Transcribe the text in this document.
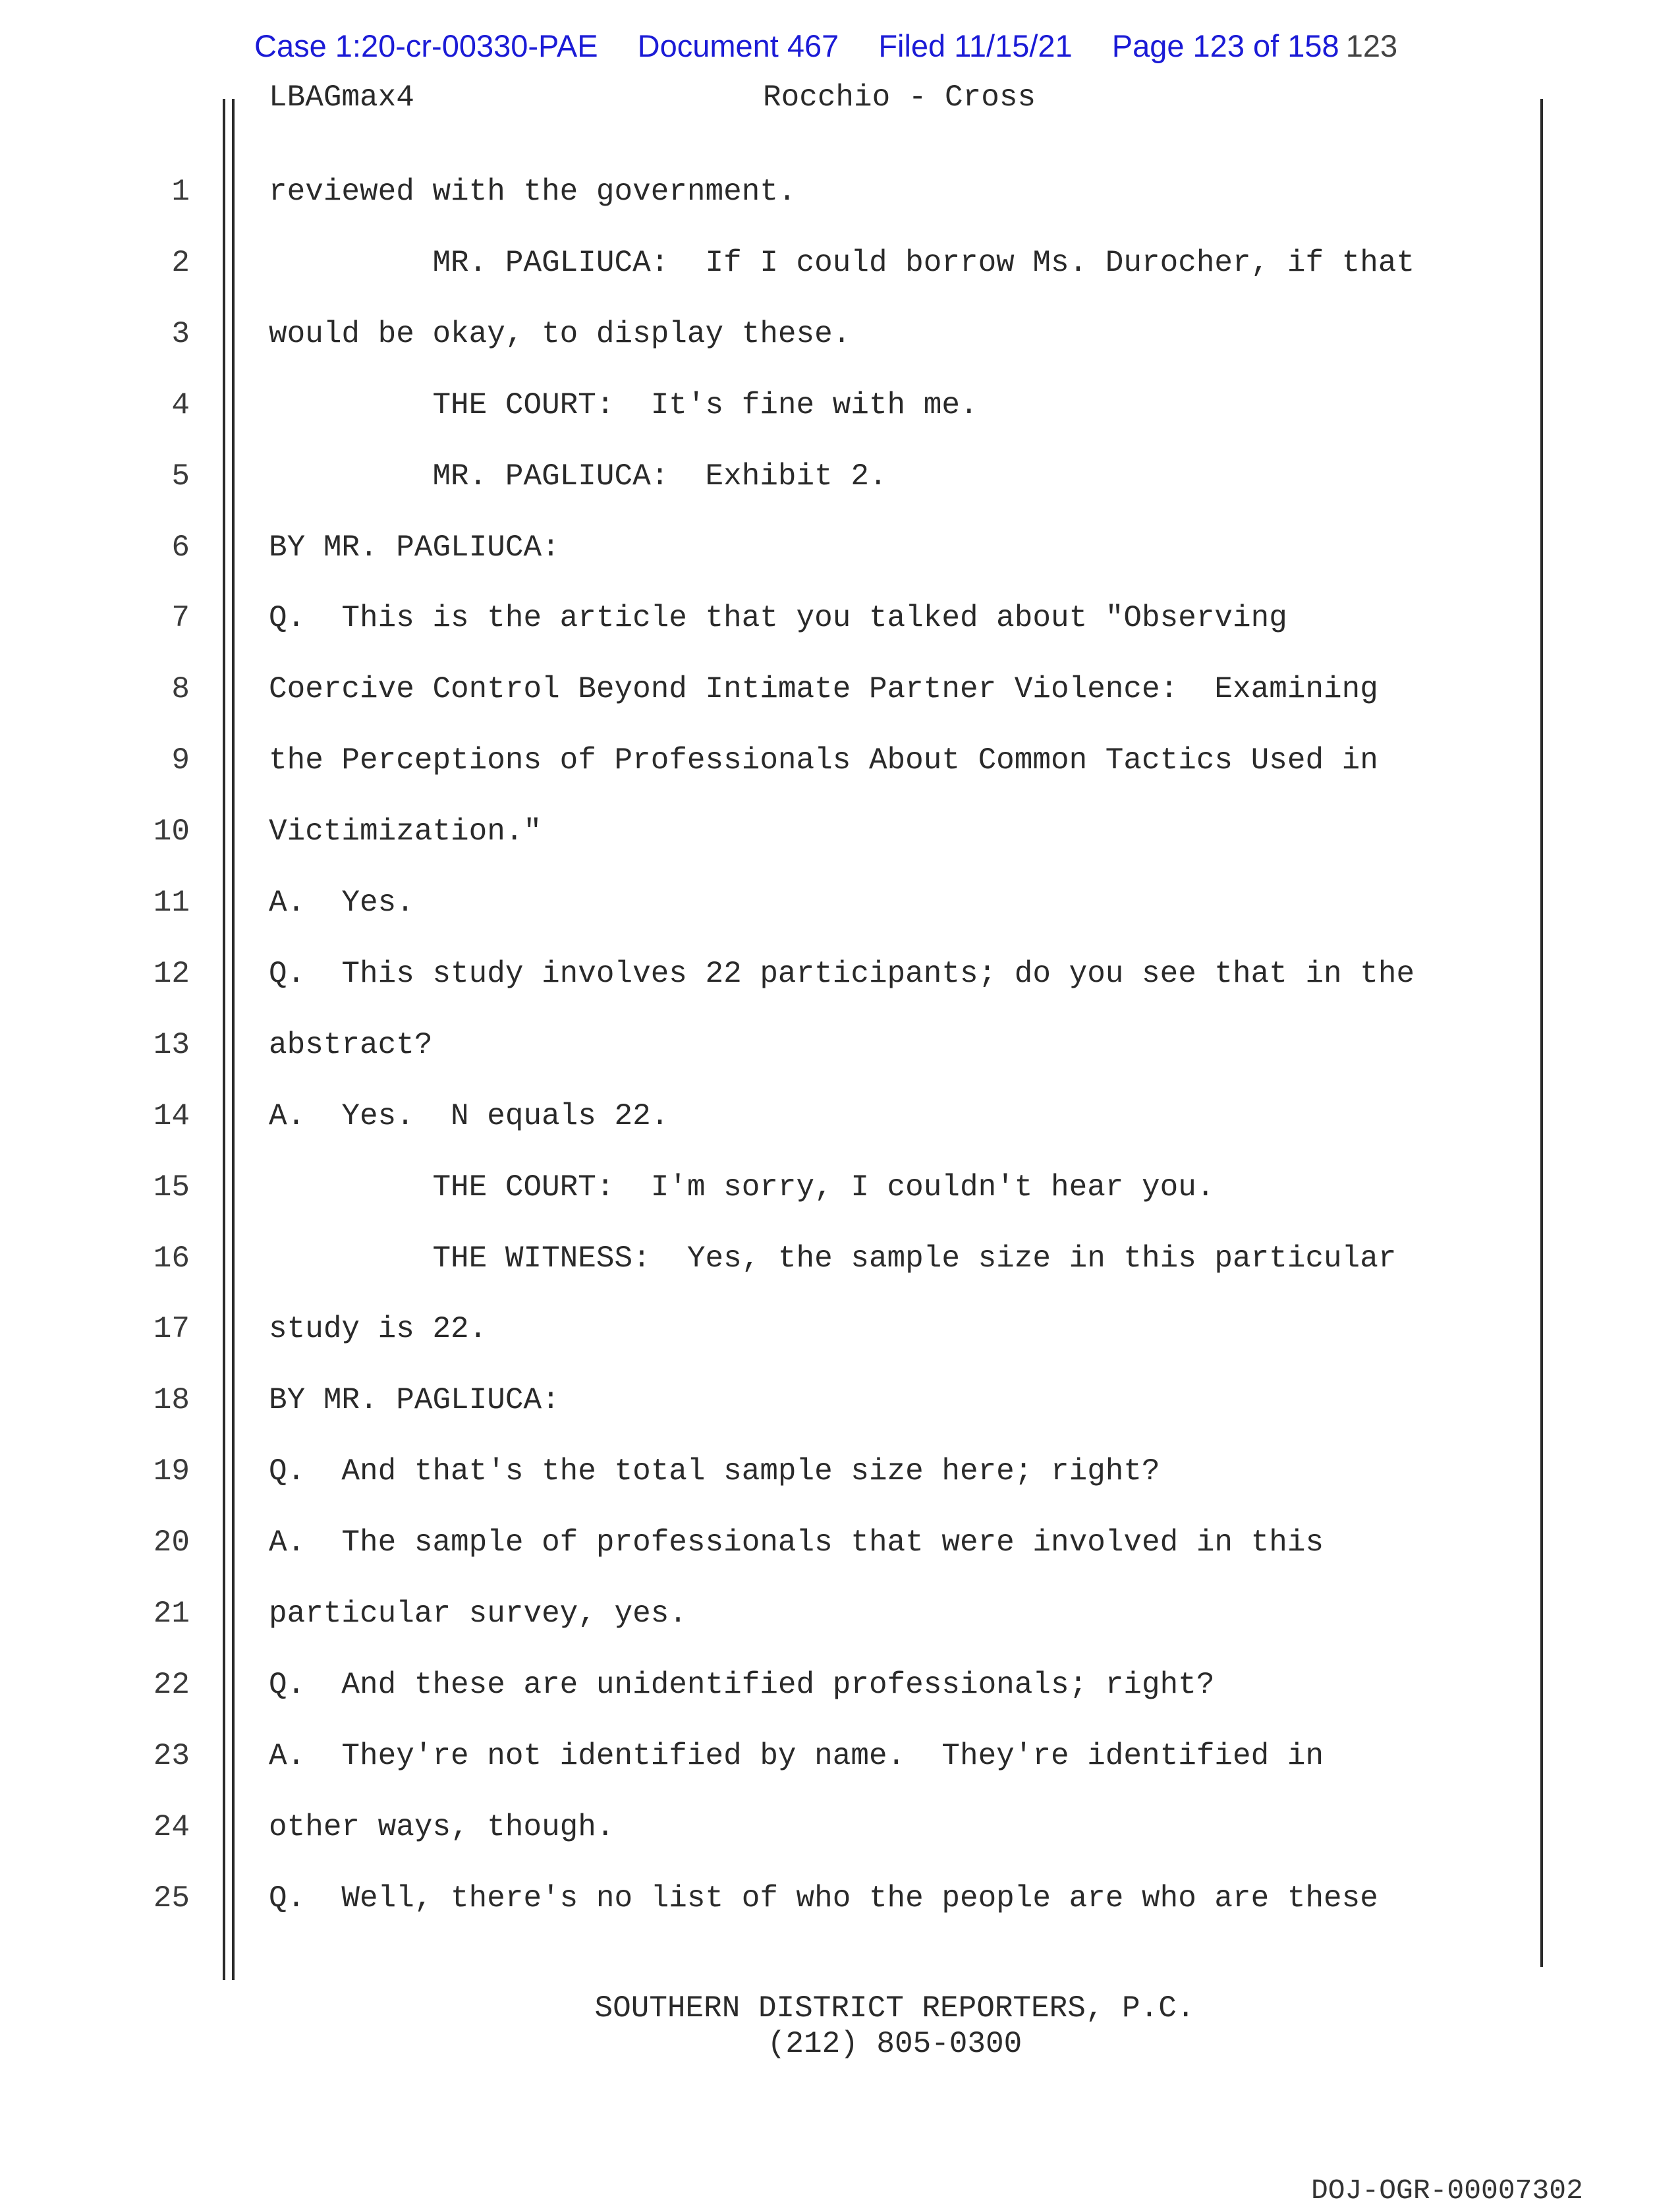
Case 1:20-cr-00330-PAE Document 467 Filed 11/15/21 Page 123 of 158 123
LBAGmax4	Rocchio - Cross
1	reviewed with the government.
2	MR. PAGLIUCA:  If I could borrow Ms. Durocher, if that
3	would be okay, to display these.
4	THE COURT:  It's fine with me.
5	MR. PAGLIUCA:  Exhibit 2.
6	BY MR. PAGLIUCA:
7	Q.  This is the article that you talked about "Observing
8	Coercive Control Beyond Intimate Partner Violence:  Examining
9	the Perceptions of Professionals About Common Tactics Used in
10	Victimization."
11	A.  Yes.
12	Q.  This study involves 22 participants; do you see that in the
13	abstract?
14	A.  Yes.  N equals 22.
15	THE COURT:  I'm sorry, I couldn't hear you.
16	THE WITNESS:  Yes, the sample size in this particular
17	study is 22.
18	BY MR. PAGLIUCA:
19	Q.  And that's the total sample size here; right?
20	A.  The sample of professionals that were involved in this
21	particular survey, yes.
22	Q.  And these are unidentified professionals; right?
23	A.  They're not identified by name.  They're identified in
24	other ways, though.
25	Q.  Well, there's no list of who the people are who are these
SOUTHERN DISTRICT REPORTERS, P.C.
(212) 805-0300
DOJ-OGR-00007302
